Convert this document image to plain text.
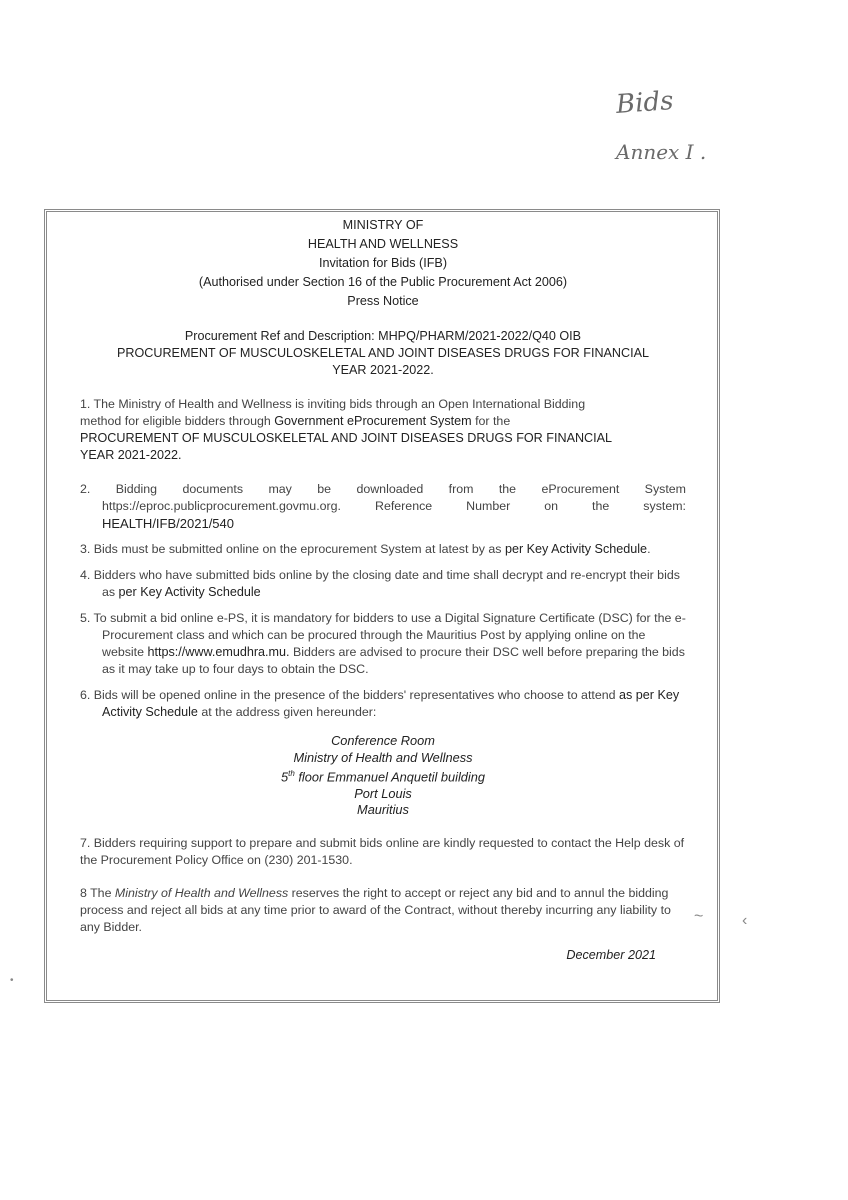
Bids
Annex I .
MINISTRY OF
HEALTH AND WELLNESS
Invitation for Bids (IFB)
(Authorised under Section 16 of the Public Procurement Act 2006)
Press Notice
Procurement Ref and Description: MHPQ/PHARM/2021-2022/Q40 OIB
PROCUREMENT OF MUSCULOSKELETAL AND JOINT DISEASES DRUGS FOR FINANCIAL
YEAR 2021-2022.
1. The Ministry of Health and Wellness is inviting bids through an Open International Bidding
method for eligible bidders through Government eProcurement System for the
PROCUREMENT OF MUSCULOSKELETAL AND JOINT DISEASES DRUGS FOR FINANCIAL
YEAR 2021-2022.
2. Bidding documents may be downloaded from the eProcurement System
https://eproc.publicprocurement.govmu.org. Reference Number on the system:
HEALTH/IFB/2021/540
3. Bids must be submitted online on the eprocurement System at latest by as per Key Activity Schedule.
4. Bidders who have submitted bids online by the closing date and time shall decrypt and re-encrypt their bids as per Key Activity Schedule
5. To submit a bid online e-PS, it is mandatory for bidders to use a Digital Signature Certificate (DSC) for the e-Procurement class and which can be procured through the Mauritius Post by applying online on the website https://www.emudhra.mu. Bidders are advised to procure their DSC well before preparing the bids as it may take up to four days to obtain the DSC.
6. Bids will be opened online in the presence of the bidders' representatives who choose to attend as per Key Activity Schedule at the address given hereunder:
Conference Room
Ministry of Health and Wellness
5th floor Emmanuel Anquetil building
Port Louis
Mauritius
7. Bidders requiring support to prepare and submit bids online are kindly requested to contact the Help desk of the Procurement Policy Office on (230) 201-1530.
8 The Ministry of Health and Wellness reserves the right to accept or reject any bid and to annul the bidding process and reject all bids at any time prior to award of the Contract, without thereby incurring any liability to any Bidder.
December 2021
~ ‹
•
